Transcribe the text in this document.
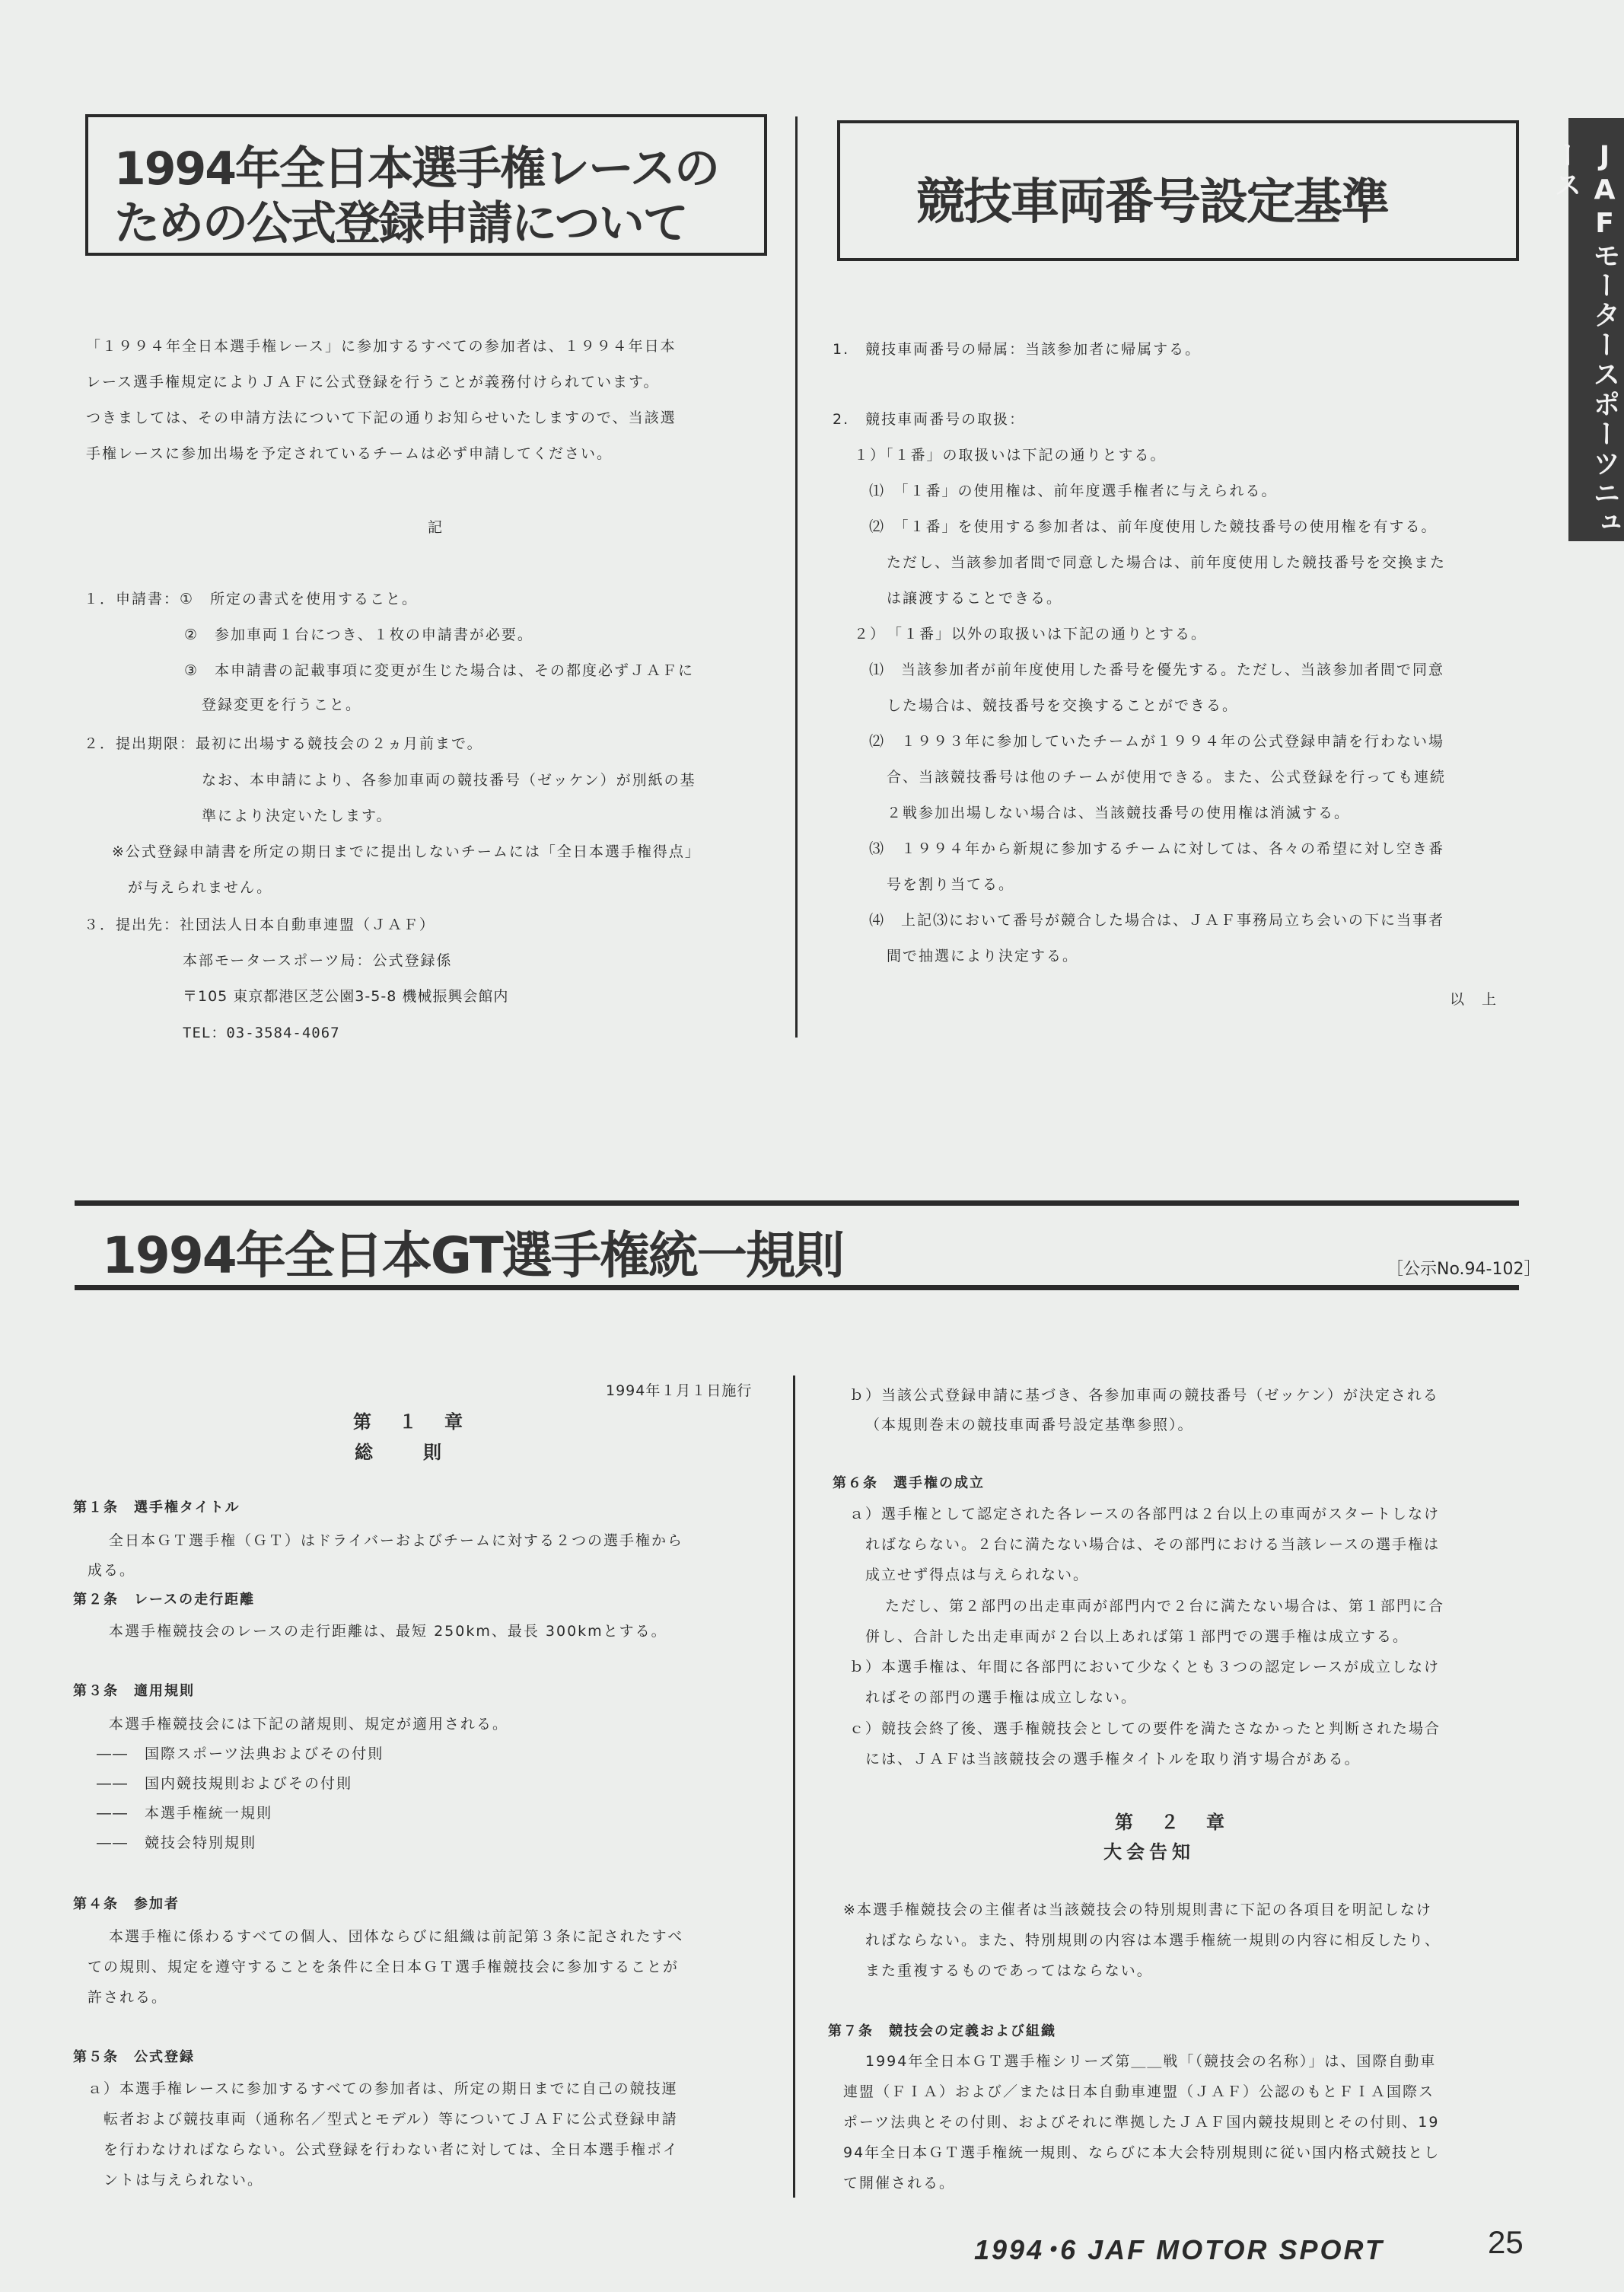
JAFモータースポーツニュース
1994年全日本選手権レースの
ための公式登録申請について
「１９９４年全日本選手権レース」に参加するすべての参加者は、１９９４年日本
レース選手権規定によりＪＡＦに公式登録を行うことが義務付けられています。
つきましては、その申請方法について下記の通りお知らせいたしますので、当該選
手権レースに参加出場を予定されているチームは必ず申請してください。
記
１．申請書：①　所定の書式を使用すること。
②　参加車両１台につき、１枚の申請書が必要。
③　本申請書の記載事項に変更が生じた場合は、その都度必ずＪＡＦに
登録変更を行うこと。
２．提出期限：最初に出場する競技会の２ヵ月前まで。
なお、本申請により、各参加車両の競技番号（ゼッケン）が別紙の基
準により決定いたします。
※公式登録申請書を所定の期日までに提出しないチームには「全日本選手権得点」
が与えられません。
３．提出先：社団法人日本自動車連盟（ＪＡＦ）
本部モータースポーツ局：公式登録係
〒105 東京都港区芝公園3-5-8 機械振興会館内
TEL：03-3584-4067
競技車両番号設定基準
1.　競技車両番号の帰属：当該参加者に帰属する。
2.　競技車両番号の取扱：
１）「１番」の取扱いは下記の通りとする。
⑴　「１番」の使用権は、前年度選手権者に与えられる。
⑵　「１番」を使用する参加者は、前年度使用した競技番号の使用権を有する。
ただし、当該参加者間で同意した場合は、前年度使用した競技番号を交換また
は譲渡することできる。
２）　「１番」以外の取扱いは下記の通りとする。
⑴　当該参加者が前年度使用した番号を優先する。ただし、当該参加者間で同意
した場合は、競技番号を交換することができる。
⑵　１９９３年に参加していたチームが１９９４年の公式登録申請を行わない場
合、当該競技番号は他のチームが使用できる。また、公式登録を行っても連続
２戦参加出場しない場合は、当該競技番号の使用権は消滅する。
⑶　１９９４年から新規に参加するチームに対しては、各々の希望に対し空き番
号を割り当てる。
⑷　上記⑶において番号が競合した場合は、ＪＡＦ事務局立ち会いの下に当事者
間で抽選により決定する。
以　上
1994年全日本GT選手権統一規則	［公示No.94-102］
1994年１月１日施行
第　１　章
総　　則
第１条　選手権タイトル
全日本ＧＴ選手権（ＧＴ）はドライバーおよびチームに対する２つの選手権から
成る。
第２条　レースの走行距離
本選手権競技会のレースの走行距離は、最短 250km、最長 300kmとする。
第３条　適用規則
本選手権競技会には下記の諸規則、規定が適用される。
――　国際スポーツ法典およびその付則
――　国内競技規則およびその付則
――　本選手権統一規則
――　競技会特別規則
第４条　参加者
本選手権に係わるすべての個人、団体ならびに組織は前記第３条に記されたすべ
ての規則、規定を遵守することを条件に全日本ＧＴ選手権競技会に参加することが
許される。
第５条　公式登録
ａ）本選手権レースに参加するすべての参加者は、所定の期日までに自己の競技運
転者および競技車両（通称名／型式とモデル）等についてＪＡＦに公式登録申請
を行わなければならない。公式登録を行わない者に対しては、全日本選手権ポイ
ントは与えられない。
ｂ）当該公式登録申請に基づき、各参加車両の競技番号（ゼッケン）が決定される
（本規則巻末の競技車両番号設定基準参照）。
第６条　選手権の成立
ａ）選手権として認定された各レースの各部門は２台以上の車両がスタートしなけ
ればならない。２台に満たない場合は、その部門における当該レースの選手権は
成立せず得点は与えられない。
ただし、第２部門の出走車両が部門内で２台に満たない場合は、第１部門に合
併し、合計した出走車両が２台以上あれば第１部門での選手権は成立する。
ｂ）本選手権は、年間に各部門において少なくとも３つの認定レースが成立しなけ
ればその部門の選手権は成立しない。
ｃ）競技会終了後、選手権競技会としての要件を満たさなかったと判断された場合
には、ＪＡＦは当該競技会の選手権タイトルを取り消す場合がある。
第　２　章
大会告知
※本選手権競技会の主催者は当該競技会の特別規則書に下記の各項目を明記しなけ
ればならない。また、特別規則の内容は本選手権統一規則の内容に相反したり、
また重複するものであってはならない。
第７条　競技会の定義および組織
1994年全日本ＧＴ選手権シリーズ第＿＿戦「（競技会の名称）」は、国際自動車
連盟（ＦＩＡ）および／または日本自動車連盟（ＪＡＦ）公認のもとＦＩＡ国際ス
ポーツ法典とその付則、およびそれに準拠したＪＡＦ国内競技規則とその付則、19
94年全日本ＧＴ選手権統一規則、ならびに本大会特別規則に従い国内格式競技とし
て開催される。
1994･6 JAF MOTOR SPORT	25
